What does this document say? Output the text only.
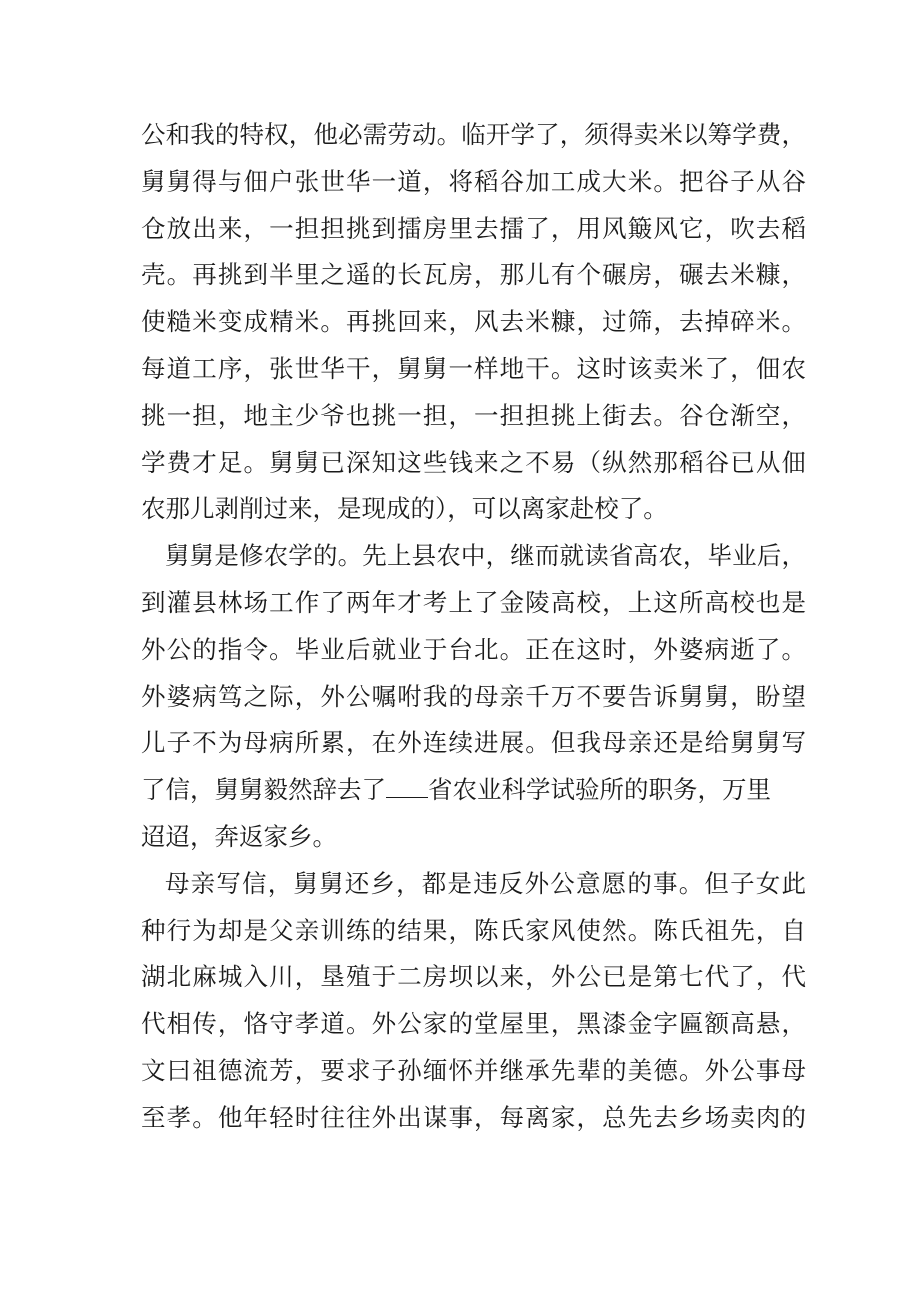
公和我的特权，他必需劳动。临开学了，须得卖米以筹学费，
舅舅得与佃户张世华一道，将稻谷加工成大米。把谷子从谷
仓放出来，一担担挑到擂房里去擂了，用风簸风它，吹去稻
壳。再挑到半里之遥的长瓦房，那儿有个碾房，碾去米糠，
使糙米变成精米。再挑回来，风去米糠，过筛，去掉碎米。
每道工序，张世华干，舅舅一样地干。这时该卖米了，佃农
挑一担，地主少爷也挑一担，一担担挑上街去。谷仓渐空，
学费才足。舅舅已深知这些钱来之不易（纵然那稻谷已从佃
农那儿剥削过来，是现成的），可以离家赴校了。
舅舅是修农学的。先上县农中，继而就读省高农，毕业后，
到灌县林场工作了两年才考上了金陵高校，上这所高校也是
外公的指令。毕业后就业于台北。正在这时，外婆病逝了。
外婆病笃之际，外公嘱咐我的母亲千万不要告诉舅舅，盼望
儿子不为母病所累，在外连续进展。但我母亲还是给舅舅写
了信，舅舅毅然辞去了 省农业科学试验所的职务，万里
迢迢，奔返家乡。
母亲写信，舅舅还乡，都是违反外公意愿的事。但子女此
种行为却是父亲训练的结果，陈氏家风使然。陈氏祖先，自
湖北麻城入川，垦殖于二房坝以来，外公已是第七代了，代
代相传，恪守孝道。外公家的堂屋里，黑漆金字匾额高悬，
文曰祖德流芳，要求子孙缅怀并继承先辈的美德。外公事母
至孝。他年轻时往往外出谋事，每离家，总先去乡场卖肉的
